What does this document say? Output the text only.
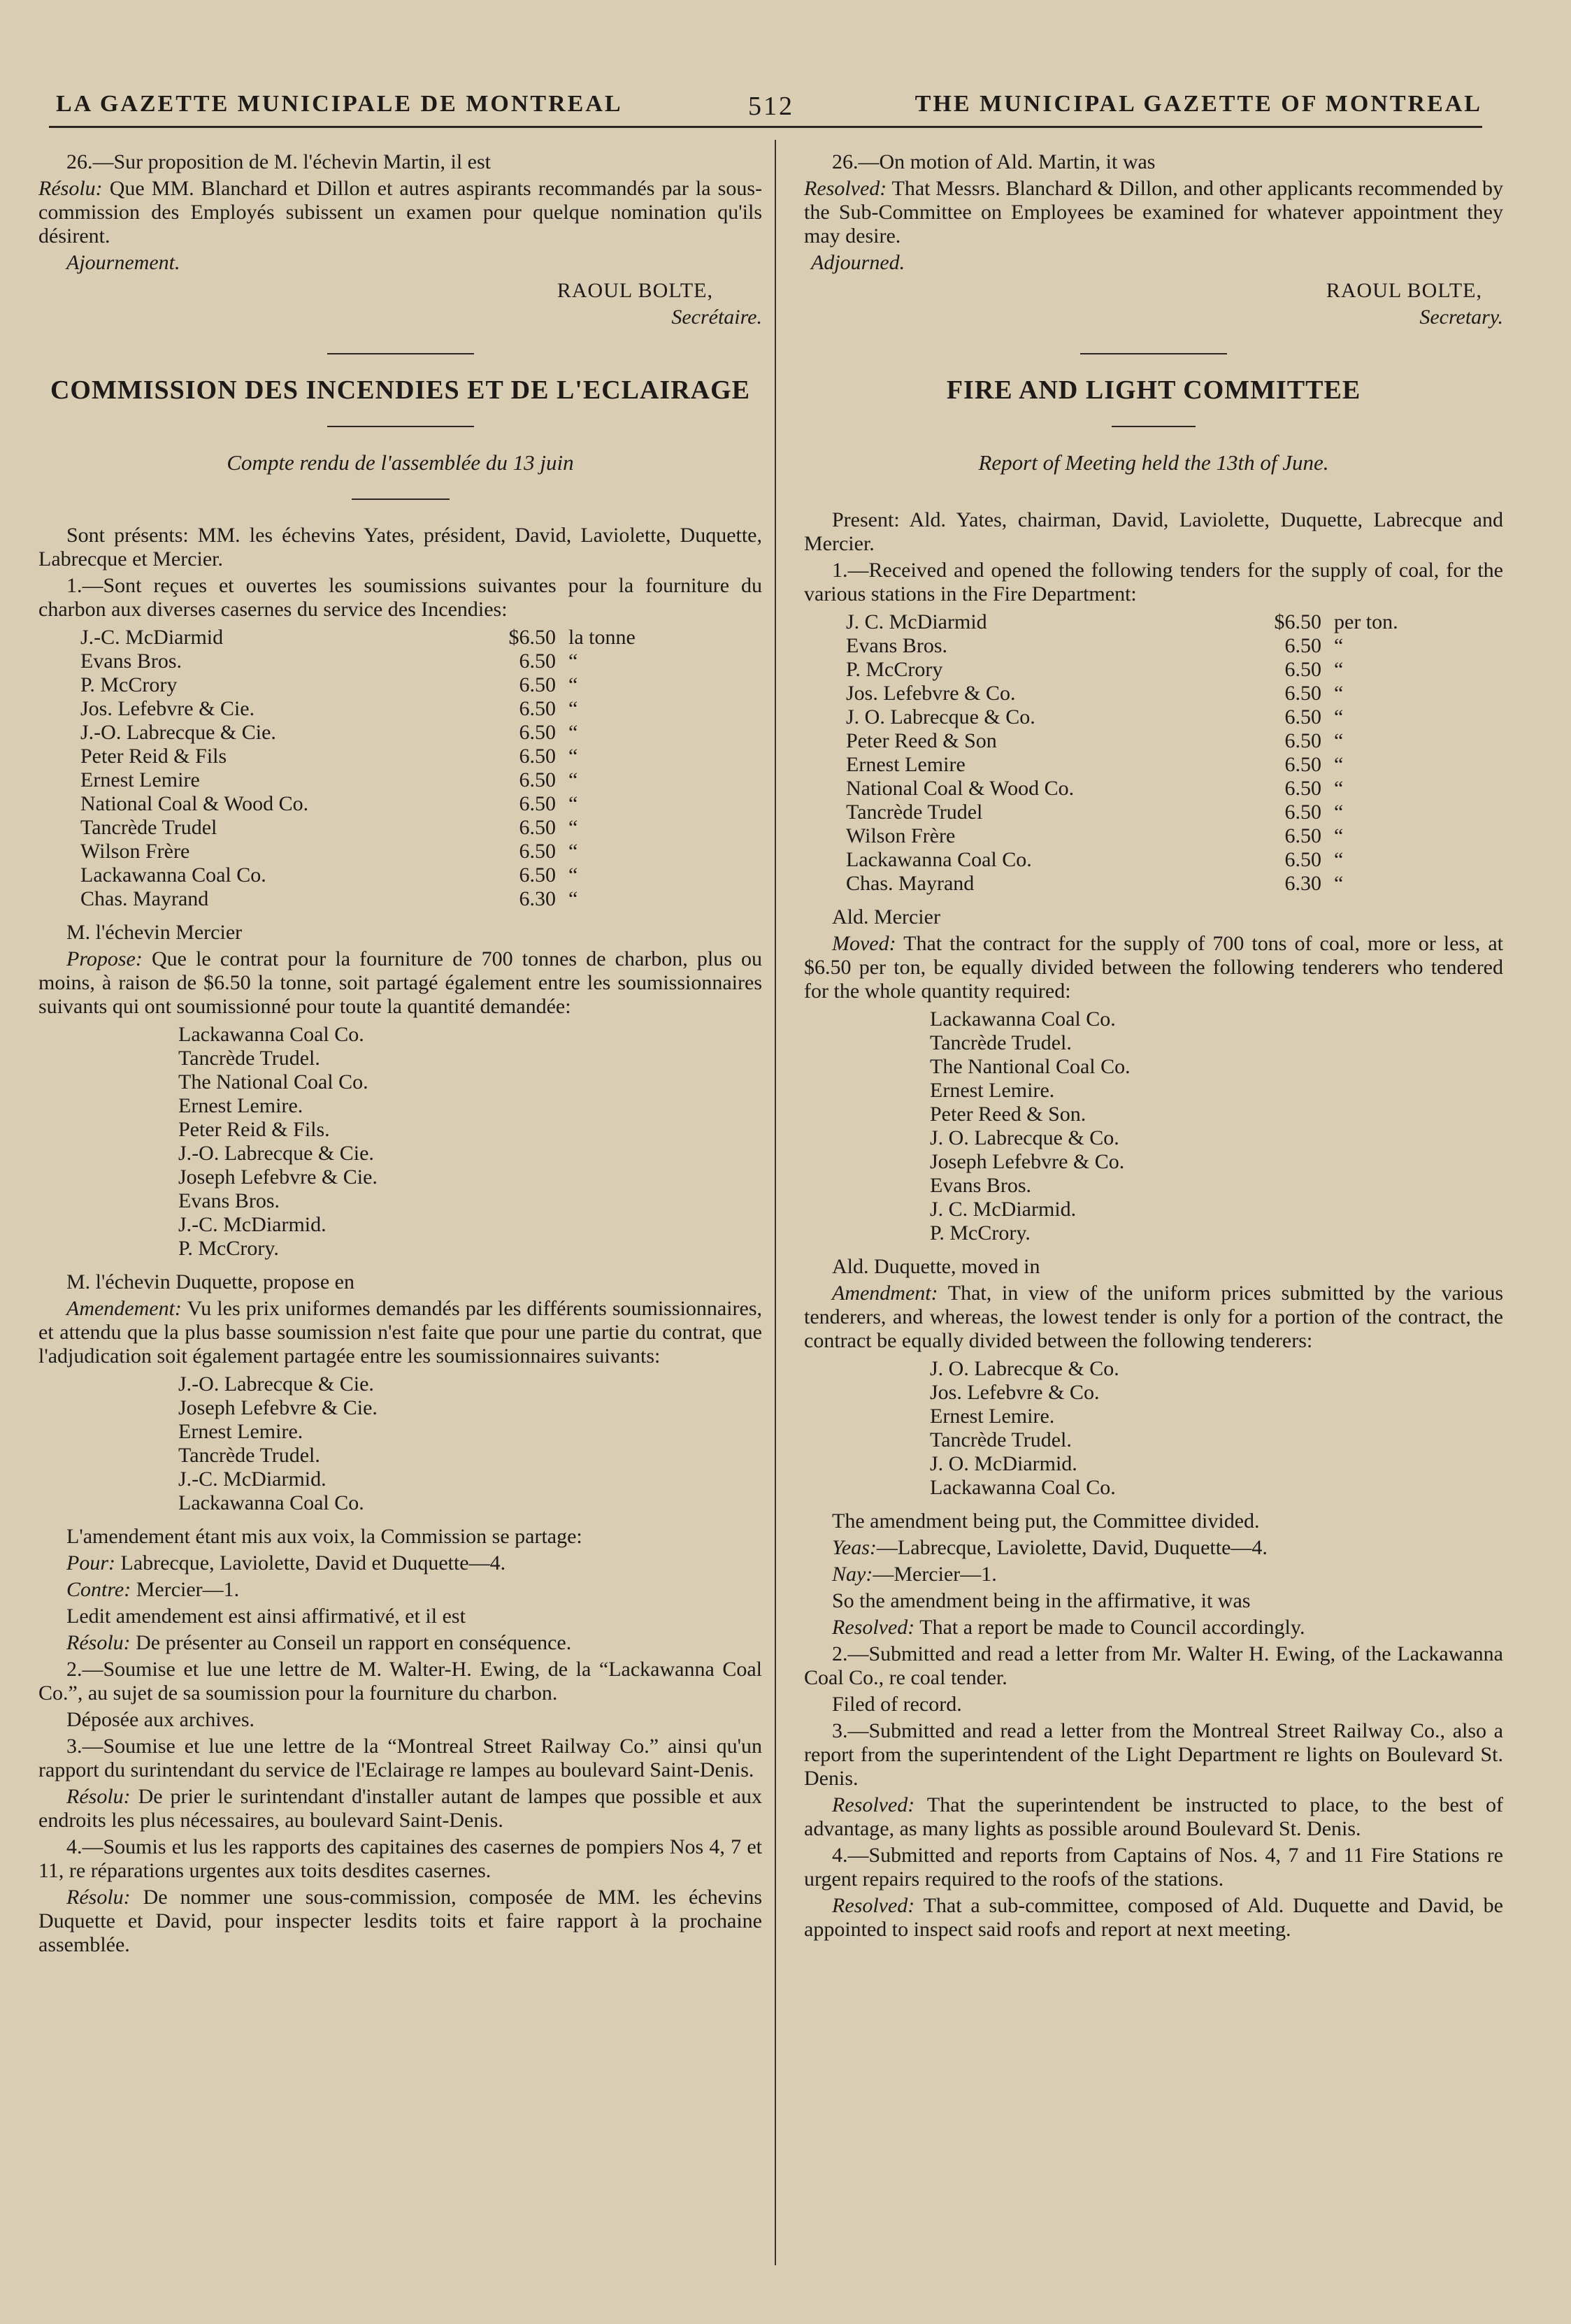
LA GAZETTE MUNICIPALE DE MONTREAL	512	THE MUNICIPAL GAZETTE OF MONTREAL

26.—Sur proposition de M. l'échevin Martin, il est

Résolu: Que MM. Blanchard et Dillon et autres aspirants recommandés par la sous-commission des Employés subissent un examen pour quelque nomination qu'ils désirent.

Ajournement.

RAOUL BOLTE,

Secrétaire.

COMMISSION DES INCENDIES ET DE L'ECLAIRAGE

Compte rendu de l'assemblée du 13 juin

Sont présents: MM. les échevins Yates, président, David, Laviolette, Duquette, Labrecque et Mercier.

1.—Sont reçues et ouvertes les soumissions suivantes pour la fourniture du charbon aux diverses casernes du service des Incendies:

J.-C. McDiarmid	$6.50	la tonne
Evans Bros.	6.50	“
P. McCrory	6.50	“
Jos. Lefebvre & Cie.	6.50	“
J.-O. Labrecque & Cie.	6.50	“
Peter Reid & Fils	6.50	“
Ernest Lemire	6.50	“
National Coal & Wood Co.	6.50	“
Tancrède Trudel	6.50	“
Wilson Frère	6.50	“
Lackawanna Coal Co.	6.50	“
Chas. Mayrand	6.30	“

M. l'échevin Mercier

Propose: Que le contrat pour la fourniture de 700 tonnes de charbon, plus ou moins, à raison de $6.50 la tonne, soit partagé également entre les soumissionnaires suivants qui ont soumissionné pour toute la quantité demandée:

Lackawanna Coal Co.
Tancrède Trudel.
The National Coal Co.
Ernest Lemire.
Peter Reid & Fils.
J.-O. Labrecque & Cie.
Joseph Lefebvre & Cie.
Evans Bros.
J.-C. McDiarmid.
P. McCrory.

M. l'échevin Duquette, propose en

Amendement: Vu les prix uniformes demandés par les différents soumissionnaires, et attendu que la plus basse soumission n'est faite que pour une partie du contrat, que l'adjudication soit également partagée entre les soumissionnaires suivants:

J.-O. Labrecque & Cie.
Joseph Lefebvre & Cie.
Ernest Lemire.
Tancrède Trudel.
J.-C. McDiarmid.
Lackawanna Coal Co.

L'amendement étant mis aux voix, la Commission se partage:

Pour: Labrecque, Laviolette, David et Duquette—4.

Contre: Mercier—1.

Ledit amendement est ainsi affirmativé, et il est

Résolu: De présenter au Conseil un rapport en conséquence.

2.—Soumise et lue une lettre de M. Walter-H. Ewing, de la “Lackawanna Coal Co.”, au sujet de sa soumission pour la fourniture du charbon.

Déposée aux archives.

3.—Soumise et lue une lettre de la “Montreal Street Railway Co.” ainsi qu'un rapport du surintendant du service de l'Eclairage re lampes au boulevard Saint-Denis.

Résolu: De prier le surintendant d'installer autant de lampes que possible et aux endroits les plus nécessaires, au boulevard Saint-Denis.

4.—Soumis et lus les rapports des capitaines des casernes de pompiers Nos 4, 7 et 11, re réparations urgentes aux toits desdites casernes.

Résolu: De nommer une sous-commission, composée de MM. les échevins Duquette et David, pour inspecter lesdits toits et faire rapport à la prochaine assemblée.

26.—On motion of Ald. Martin, it was

Resolved: That Messrs. Blanchard & Dillon, and other applicants recommended by the Sub-Committee on Employees be examined for whatever appointment they may desire.

Adjourned.

RAOUL BOLTE,

Secretary.

FIRE AND LIGHT COMMITTEE

Report of Meeting held the 13th of June.

Present: Ald. Yates, chairman, David, Laviolette, Duquette, Labrecque and Mercier.

1.—Received and opened the following tenders for the supply of coal, for the various stations in the Fire Department:

J. C. McDiarmid	$6.50	per ton.
Evans Bros.	6.50	“
P. McCrory	6.50	“
Jos. Lefebvre & Co.	6.50	“
J. O. Labrecque & Co.	6.50	“
Peter Reed & Son	6.50	“
Ernest Lemire	6.50	“
National Coal & Wood Co.	6.50	“
Tancrède Trudel	6.50	“
Wilson Frère	6.50	“
Lackawanna Coal Co.	6.50	“
Chas. Mayrand	6.30	“

Ald. Mercier

Moved: That the contract for the supply of 700 tons of coal, more or less, at $6.50 per ton, be equally divided between the following tenderers who tendered for the whole quantity required:

Lackawanna Coal Co.
Tancrède Trudel.
The Nantional Coal Co.
Ernest Lemire.
Peter Reed & Son.
J. O. Labrecque & Co.
Joseph Lefebvre & Co.
Evans Bros.
J. C. McDiarmid.
P. McCrory.

Ald. Duquette, moved in

Amendment: That, in view of the uniform prices submitted by the various tenderers, and whereas, the lowest tender is only for a portion of the contract, the contract be equally divided between the following tenderers:

J. O. Labrecque & Co.
Jos. Lefebvre & Co.
Ernest Lemire.
Tancrède Trudel.
J. O. McDiarmid.
Lackawanna Coal Co.

The amendment being put, the Committee divided.

Yeas:—Labrecque, Laviolette, David, Duquette—4.

Nay:—Mercier—1.

So the amendment being in the affirmative, it was

Resolved: That a report be made to Council accordingly.

2.—Submitted and read a letter from Mr. Walter H. Ewing, of the Lackawanna Coal Co., re coal tender.

Filed of record.

3.—Submitted and read a letter from the Montreal Street Railway Co., also a report from the superintendent of the Light Department re lights on Boulevard St. Denis.

Resolved: That the superintendent be instructed to place, to the best of advantage, as many lights as possible around Boulevard St. Denis.

4.—Submitted and reports from Captains of Nos. 4, 7 and 11 Fire Stations re urgent repairs required to the roofs of the stations.

Resolved: That a sub-committee, composed of Ald. Duquette and David, be appointed to inspect said roofs and report at next meeting.
